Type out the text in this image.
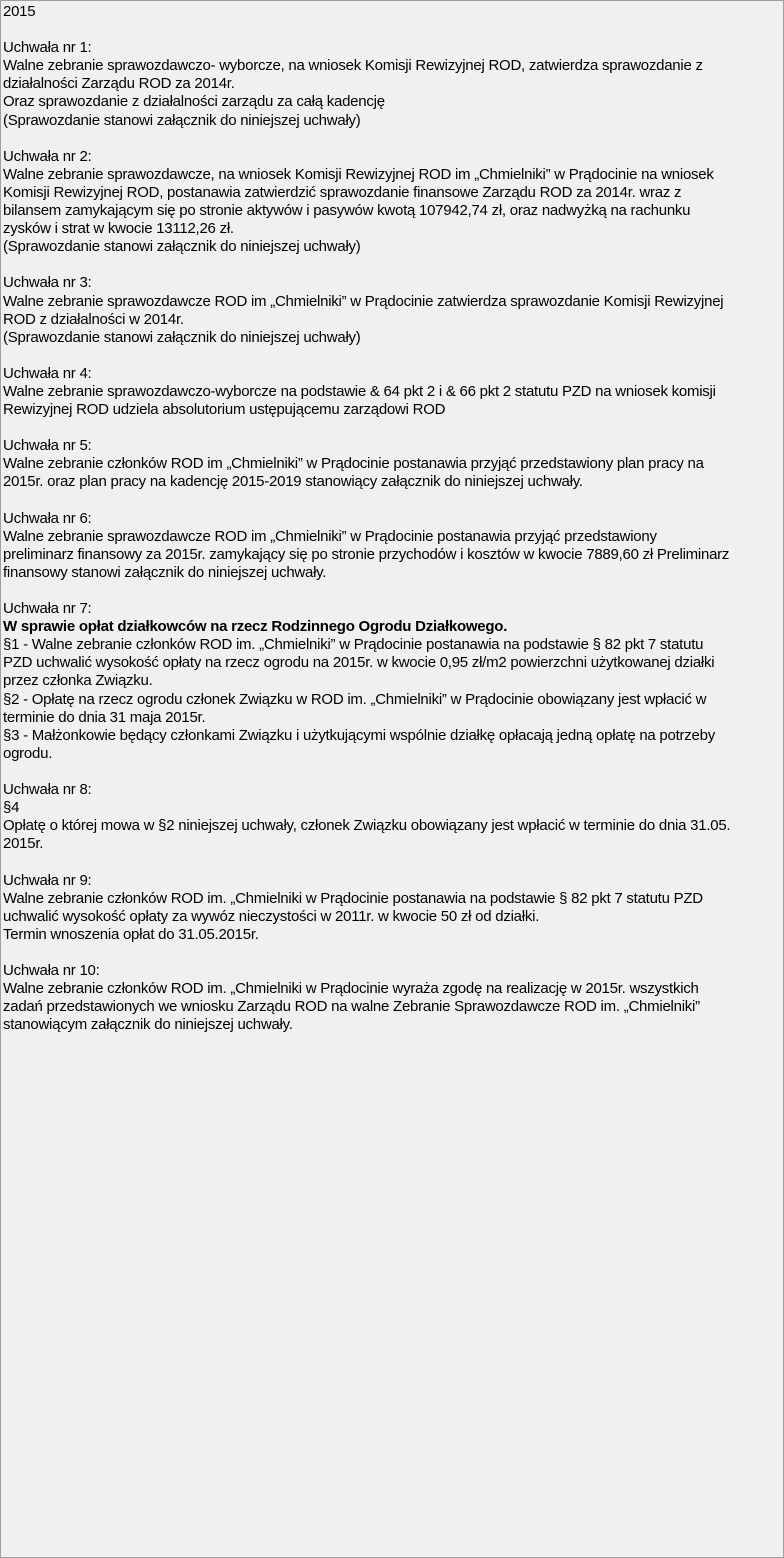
2015
Uchwała nr 1:
Walne zebranie sprawozdawczo- wyborcze, na wniosek Komisji Rewizyjnej ROD, zatwierdza sprawozdanie z
działalności Zarządu ROD za 2014r.
Oraz sprawozdanie z działalności zarządu za całą kadencję
(Sprawozdanie stanowi załącznik do niniejszej uchwały)
Uchwała nr 2:
Walne zebranie sprawozdawcze, na wniosek Komisji Rewizyjnej ROD im „Chmielniki” w Prądocinie na wniosek
Komisji Rewizyjnej ROD, postanawia zatwierdzić sprawozdanie finansowe Zarządu ROD za 2014r. wraz z
bilansem zamykającym się po stronie aktywów i pasywów kwotą 107942,74 zł, oraz nadwyżką na rachunku
zysków i strat w kwocie 13112,26 zł.
(Sprawozdanie stanowi załącznik do niniejszej uchwały)
Uchwała nr 3:
Walne zebranie sprawozdawcze ROD im „Chmielniki” w Prądocinie zatwierdza sprawozdanie Komisji Rewizyjnej
ROD z działalności w 2014r.
(Sprawozdanie stanowi załącznik do niniejszej uchwały)
Uchwała nr 4:
Walne zebranie sprawozdawczo-wyborcze na podstawie & 64 pkt 2 i & 66 pkt 2 statutu PZD na wniosek komisji
Rewizyjnej ROD udziela absolutorium ustępującemu zarządowi ROD
Uchwała nr 5:
Walne zebranie członków ROD im „Chmielniki” w Prądocinie postanawia przyjąć przedstawiony plan pracy na
2015r. oraz plan pracy na kadencję 2015-2019 stanowiący załącznik do niniejszej uchwały.
Uchwała nr 6:
Walne zebranie sprawozdawcze ROD im „Chmielniki” w Prądocinie postanawia przyjąć przedstawiony
preliminarz finansowy za 2015r. zamykający się po stronie przychodów i kosztów w kwocie 7889,60 zł Preliminarz
finansowy stanowi załącznik do niniejszej uchwały.
Uchwała nr 7:
W sprawie opłat działkowców na rzecz Rodzinnego Ogrodu Działkowego.
§1 - Walne zebranie członków ROD im. „Chmielniki” w Prądocinie postanawia na podstawie § 82 pkt 7 statutu
PZD uchwalić wysokość opłaty na rzecz ogrodu na 2015r. w kwocie 0,95 zł/m2 powierzchni użytkowanej działki
przez członka Związku.
§2 - Opłatę na rzecz ogrodu członek Związku w ROD im. „Chmielniki” w Prądocinie obowiązany jest wpłacić w
terminie do dnia 31 maja 2015r.
§3 - Małżonkowie będący członkami Związku i użytkującymi wspólnie działkę opłacają jedną opłatę na potrzeby
ogrodu.
Uchwała nr 8:
§4
Opłatę o której mowa w §2 niniejszej uchwały, członek Związku obowiązany jest wpłacić w terminie do dnia 31.05.
2015r.
Uchwała nr 9:
Walne zebranie członków ROD im. „Chmielniki w Prądocinie postanawia na podstawie § 82 pkt 7 statutu PZD
uchwalić wysokość opłaty za wywóz nieczystości w 2011r. w kwocie 50 zł od działki.
Termin wnoszenia opłat do 31.05.2015r.
Uchwała nr 10:
Walne zebranie członków ROD im. „Chmielniki w Prądocinie wyraża zgodę na realizację w 2015r. wszystkich
zadań przedstawionych we wniosku Zarządu ROD na walne Zebranie Sprawozdawcze ROD im. „Chmielniki”
stanowiącym załącznik do niniejszej uchwały.
